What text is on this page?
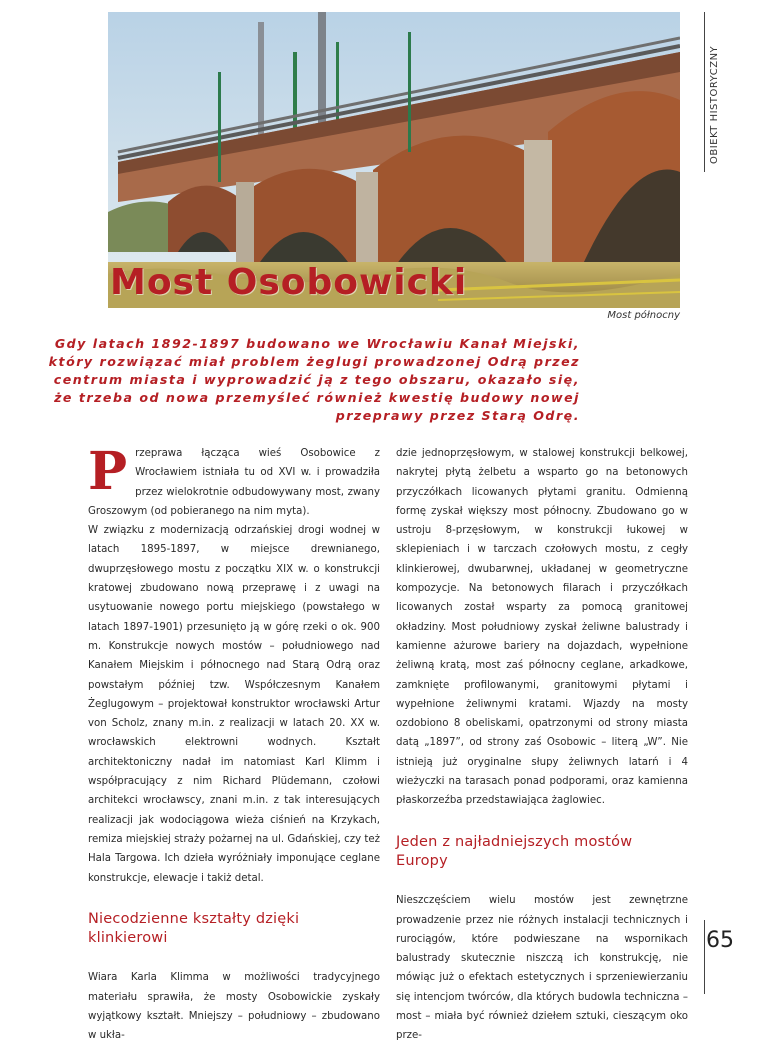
Most Osobowicki
Most północny
OBIEKT HISTORYCZNY

Gdy latach 1892-1897 budowano we Wrocławiu Kanał Miejski, który rozwiązać miał problem żeglugi prowadzonej Odrą przez centrum miasta i wyprowadzić ją z tego obszaru, okazało się, że trzeba od nowa przemyśleć również kwestię budowy nowej przeprawy przez Starą Odrę.

Przeprawa łącząca wieś Osobowice z Wrocławiem istniała tu od XVI w. i prowadziła przez wielokrotnie odbudowywany most, zwany Groszowym (od pobieranego na nim myta).

W związku z modernizacją odrzańskiej drogi wodnej w latach 1895-1897, w miejsce drewnianego, dwuprzęsłowego mostu z początku XIX w. o konstrukcji kratowej zbudowano nową przeprawę i z uwagi na usytuowanie nowego portu miejskiego (powstałego w latach 1897-1901) przesunięto ją w górę rzeki o ok. 900 m. Konstrukcje nowych mostów – południowego nad Kanałem Miejskim i północnego nad Starą Odrą oraz powstałym później tzw. Współczesnym Kanałem Żeglugowym – projektował konstruktor wrocławski Artur von Scholz, znany m.in. z realizacji w latach 20. XX w. wrocławskich elektrowni wodnych. Kształt architektoniczny nadał im natomiast Karl Klimm i współpracujący z nim Richard Plüdemann, czołowi architekci wrocławscy, znani m.in. z tak interesujących realizacji jak wodociągowa wieża ciśnień na Krzykach, remiza miejskiej straży pożarnej na ul. Gdańskiej, czy też Hala Targowa. Ich dzieła wyróżniały imponujące ceglane konstrukcje, elewacje i takiż detal.

Niecodzienne kształty dzięki klinkierowi

Wiara Karla Klimma w możliwości tradycyjnego materiału sprawiła, że mosty Osobowickie zyskały wyjątkowy kształt. Mniejszy – południowy – zbudowano w ukła-

dzie jednoprzęsłowym, w stalowej konstrukcji belkowej, nakrytej płytą żelbetu a wsparto go na betonowych przyczółkach licowanych płytami granitu. Odmienną formę zyskał większy most północny. Zbudowano go w ustroju 8-przęsłowym, w konstrukcji łukowej w sklepieniach i w tarczach czołowych mostu, z cegły klinkierowej, dwubarwnej, układanej w geometryczne kompozycje. Na betonowych filarach i przyczółkach licowanych został wsparty za pomocą granitowej okładziny. Most południowy zyskał żeliwne balustrady i kamienne ażurowe bariery na dojazdach, wypełnione żeliwną kratą, most zaś północny ceglane, arkadkowe, zamknięte profilowanymi, granitowymi płytami i wypełnione żeliwnymi kratami. Wjazdy na mosty ozdobiono 8 obeliskami, opatrzonymi od strony miasta datą „1897”, od strony zaś Osobowic – literą „W”. Nie istnieją już oryginalne słupy żeliwnych latarń i 4 wieżyczki na tarasach ponad podporami, oraz kamienna płaskorzeźba przedstawiająca żaglowiec.

Jeden z najładniejszych mostów Europy

Nieszczęściem wielu mostów jest zewnętrzne prowadzenie przez nie różnych instalacji technicznych i rurociągów, które podwieszane na wspornikach balustrady skutecznie niszczą ich konstrukcję, nie mówiąc już o efektach estetycznych i sprzeniewierzaniu się intencjom twórców, dla których budowla techniczna – most – miała być również dziełem sztuki, cieszącym oko prze-

65
